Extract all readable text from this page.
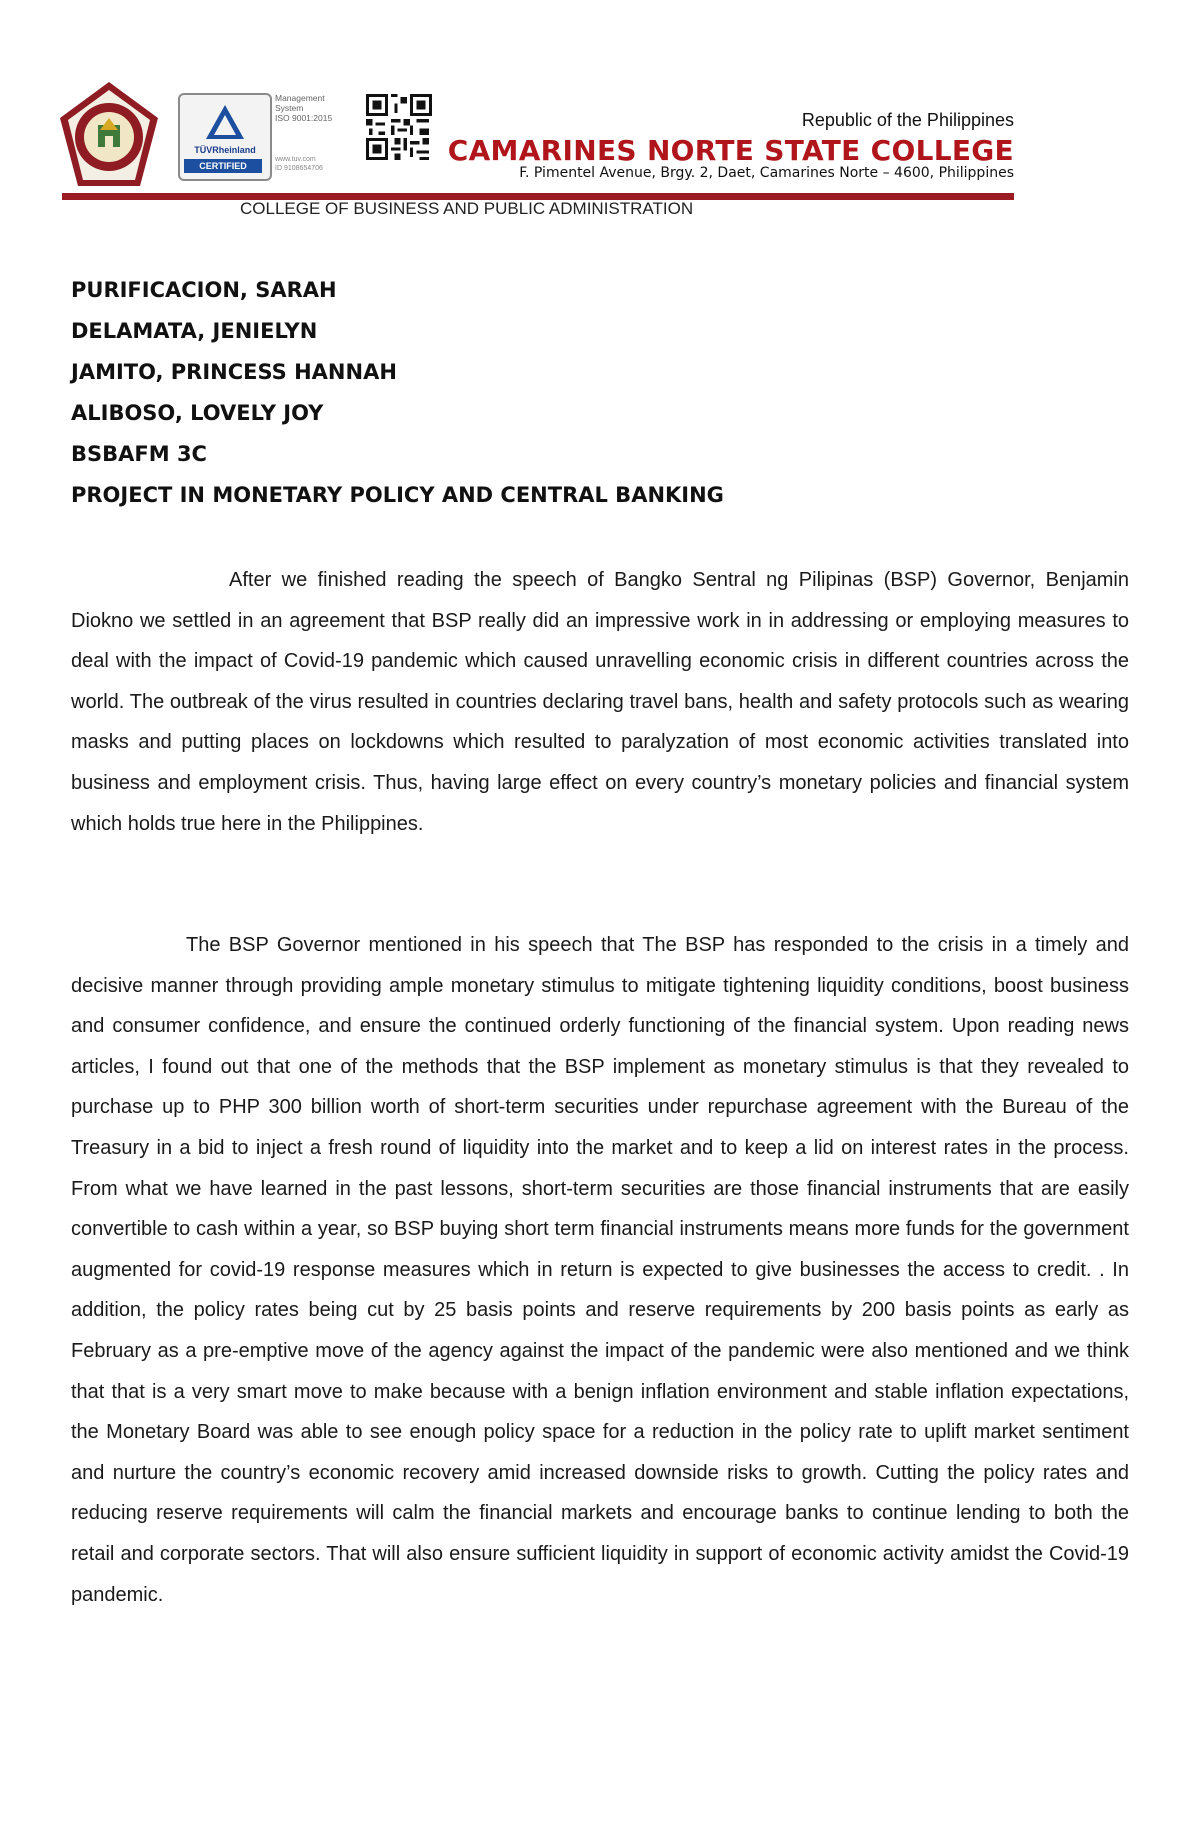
TÜVRheinland
CERTIFIED
Management
System
ISO 9001:2015
www.tuv.com
ID 9108654706
Republic of the Philippines
CAMARINES NORTE STATE COLLEGE
F. Pimentel Avenue, Brgy. 2, Daet, Camarines Norte – 4600, Philippines
COLLEGE OF BUSINESS AND PUBLIC ADMINISTRATION
PURIFICACION, SARAH
DELAMATA, JENIELYN
JAMITO, PRINCESS HANNAH
ALIBOSO, LOVELY JOY
BSBAFM 3C
PROJECT IN MONETARY POLICY AND CENTRAL BANKING

After we finished reading the speech of Bangko Sentral ng Pilipinas (BSP) Governor, Benjamin Diokno we settled in an agreement that BSP really did an impressive work in in addressing or employing measures to deal with the impact of Covid-19 pandemic which caused unravelling economic crisis in different countries across the world. The outbreak of the virus resulted in countries declaring travel bans, health and safety protocols such as wearing masks and putting places on lockdowns which resulted to paralyzation of most economic activities translated into business and employment crisis. Thus, having large effect on every country’s monetary policies and financial system which holds true here in the Philippines.

The BSP Governor mentioned in his speech that The BSP has responded to the crisis in a timely and decisive manner through providing ample monetary stimulus to mitigate tightening liquidity conditions, boost business and consumer confidence, and ensure the continued orderly functioning of the financial system. Upon reading news articles, I found out that one of the methods that the BSP implement as monetary stimulus is that they revealed to purchase up to PHP 300 billion worth of short-term securities under repurchase agreement with the Bureau of the Treasury in a bid to inject a fresh round of liquidity into the market and to keep a lid on interest rates in the process. From what we have learned in the past lessons, short-term securities are those financial instruments that are easily convertible to cash within a year, so BSP buying short term financial instruments means more funds for the government augmented for covid-19 response measures which in return is expected to give businesses the access to credit. . In addition, the policy rates being cut by 25 basis points and reserve requirements by 200 basis points as early as February as a pre-emptive move of the agency against the impact of the pandemic were also mentioned and we think that that is a very smart move to make because with a benign inflation environment and stable inflation expectations, the Monetary Board was able to see enough policy space for a reduction in the policy rate to uplift market sentiment and nurture the country’s economic recovery amid increased downside risks to growth. Cutting the policy rates and reducing reserve requirements will calm the financial markets and encourage banks to continue lending to both the retail and corporate sectors. That will also ensure sufficient liquidity in support of economic activity amidst the Covid-19 pandemic.
